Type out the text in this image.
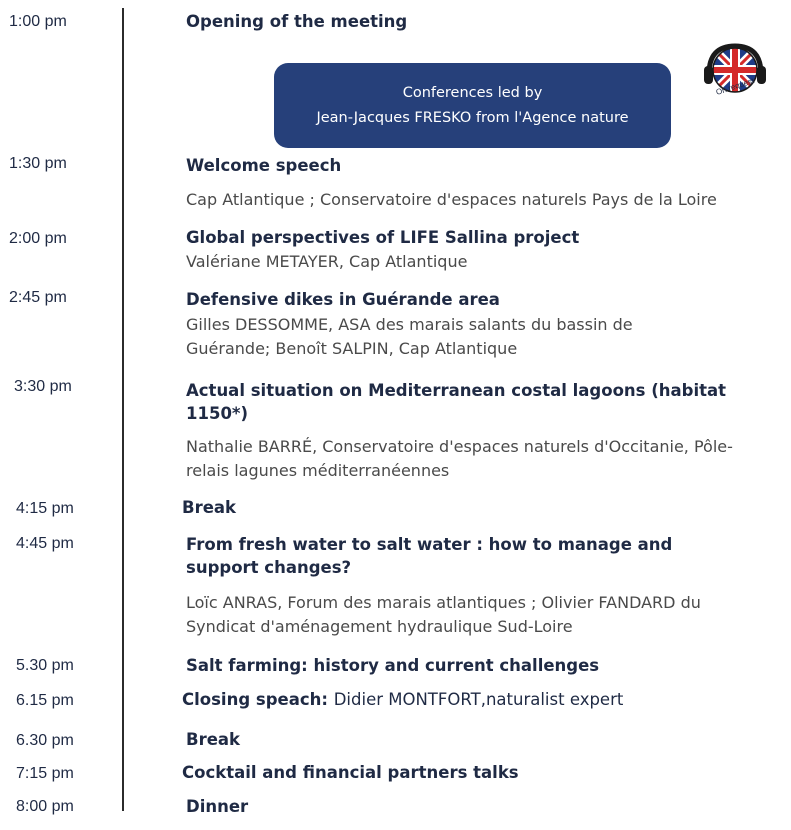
1:00 pm	Opening of the meeting
Conferences led by
Jean-Jacques FRESKO from l'Agence nature
On request
1:30 pm	Welcome speech
Cap Atlantique ; Conservatoire d'espaces naturels Pays de la Loire
2:00 pm	Global perspectives of LIFE Sallina project
Valériane METAYER, Cap Atlantique
2:45 pm	Defensive dikes in Guérande area
Gilles DESSOMME, ASA des marais salants du bassin de Guérande; Benoît SALPIN, Cap Atlantique
3:30 pm	Actual situation on Mediterranean costal lagoons (habitat 1150*)
Nathalie BARRÉ, Conservatoire d'espaces naturels d'Occitanie, Pôle-relais lagunes méditerranéennes
4:15 pm	Break
4:45 pm	From fresh water to salt water : how to manage and support changes?
Loïc ANRAS, Forum des marais atlantiques ; Olivier FANDARD du Syndicat d'aménagement hydraulique Sud-Loire
5.30 pm	Salt farming: history and current challenges
6.15 pm	Closing speach: Didier MONTFORT,naturalist expert
6.30 pm	Break
7:15 pm	Cocktail and financial partners talks
8:00 pm	Dinner
